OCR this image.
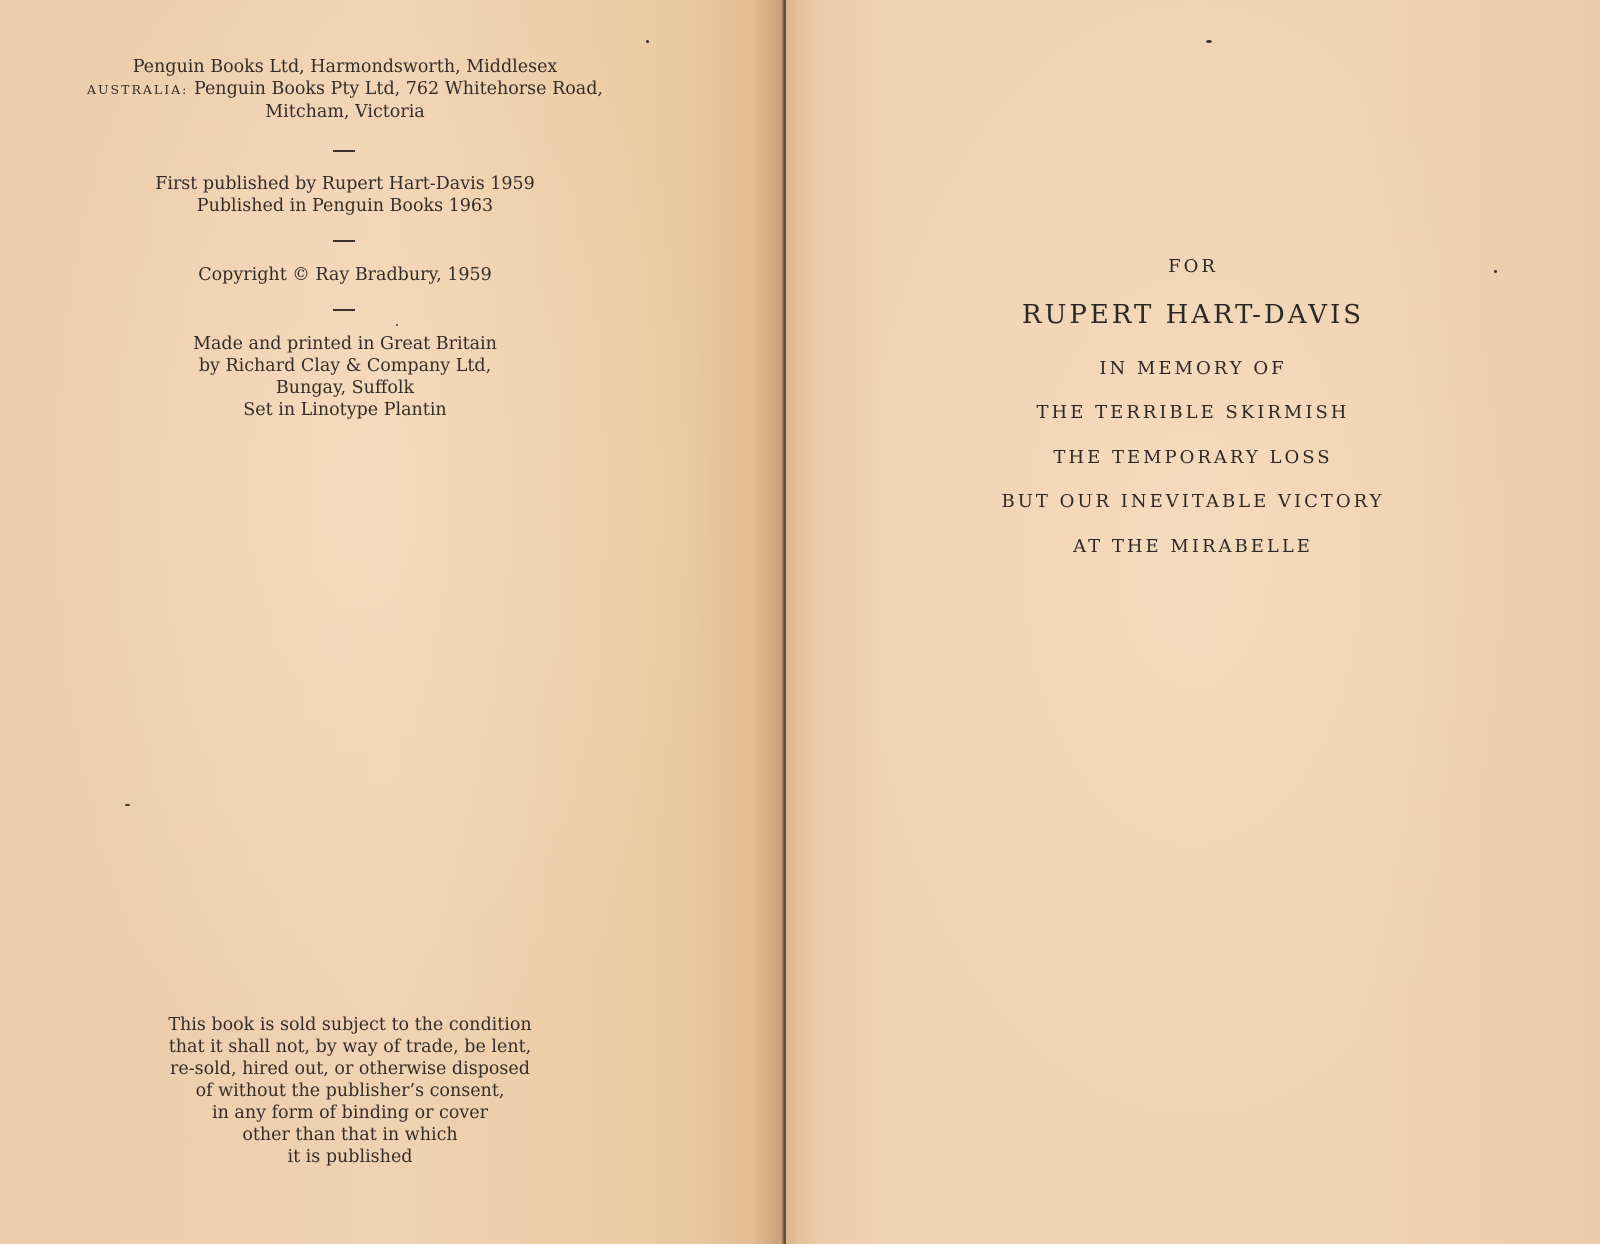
Penguin Books Ltd, Harmondsworth, Middlesex
AUSTRALIA: Penguin Books Pty Ltd, 762 Whitehorse Road,
Mitcham, Victoria
First published by Rupert Hart-Davis 1959
Published in Penguin Books 1963
Copyright © Ray Bradbury, 1959
Made and printed in Great Britain
by Richard Clay & Company Ltd,
Bungay, Suffolk
Set in Linotype Plantin
This book is sold subject to the condition
that it shall not, by way of trade, be lent,
re-sold, hired out, or otherwise disposed
of without the publisher’s consent,
in any form of binding or cover
other than that in which
it is published
FOR
RUPERT HART-DAVIS
IN MEMORY OF
THE TERRIBLE SKIRMISH
THE TEMPORARY LOSS
BUT OUR INEVITABLE VICTORY
AT THE MIRABELLE
